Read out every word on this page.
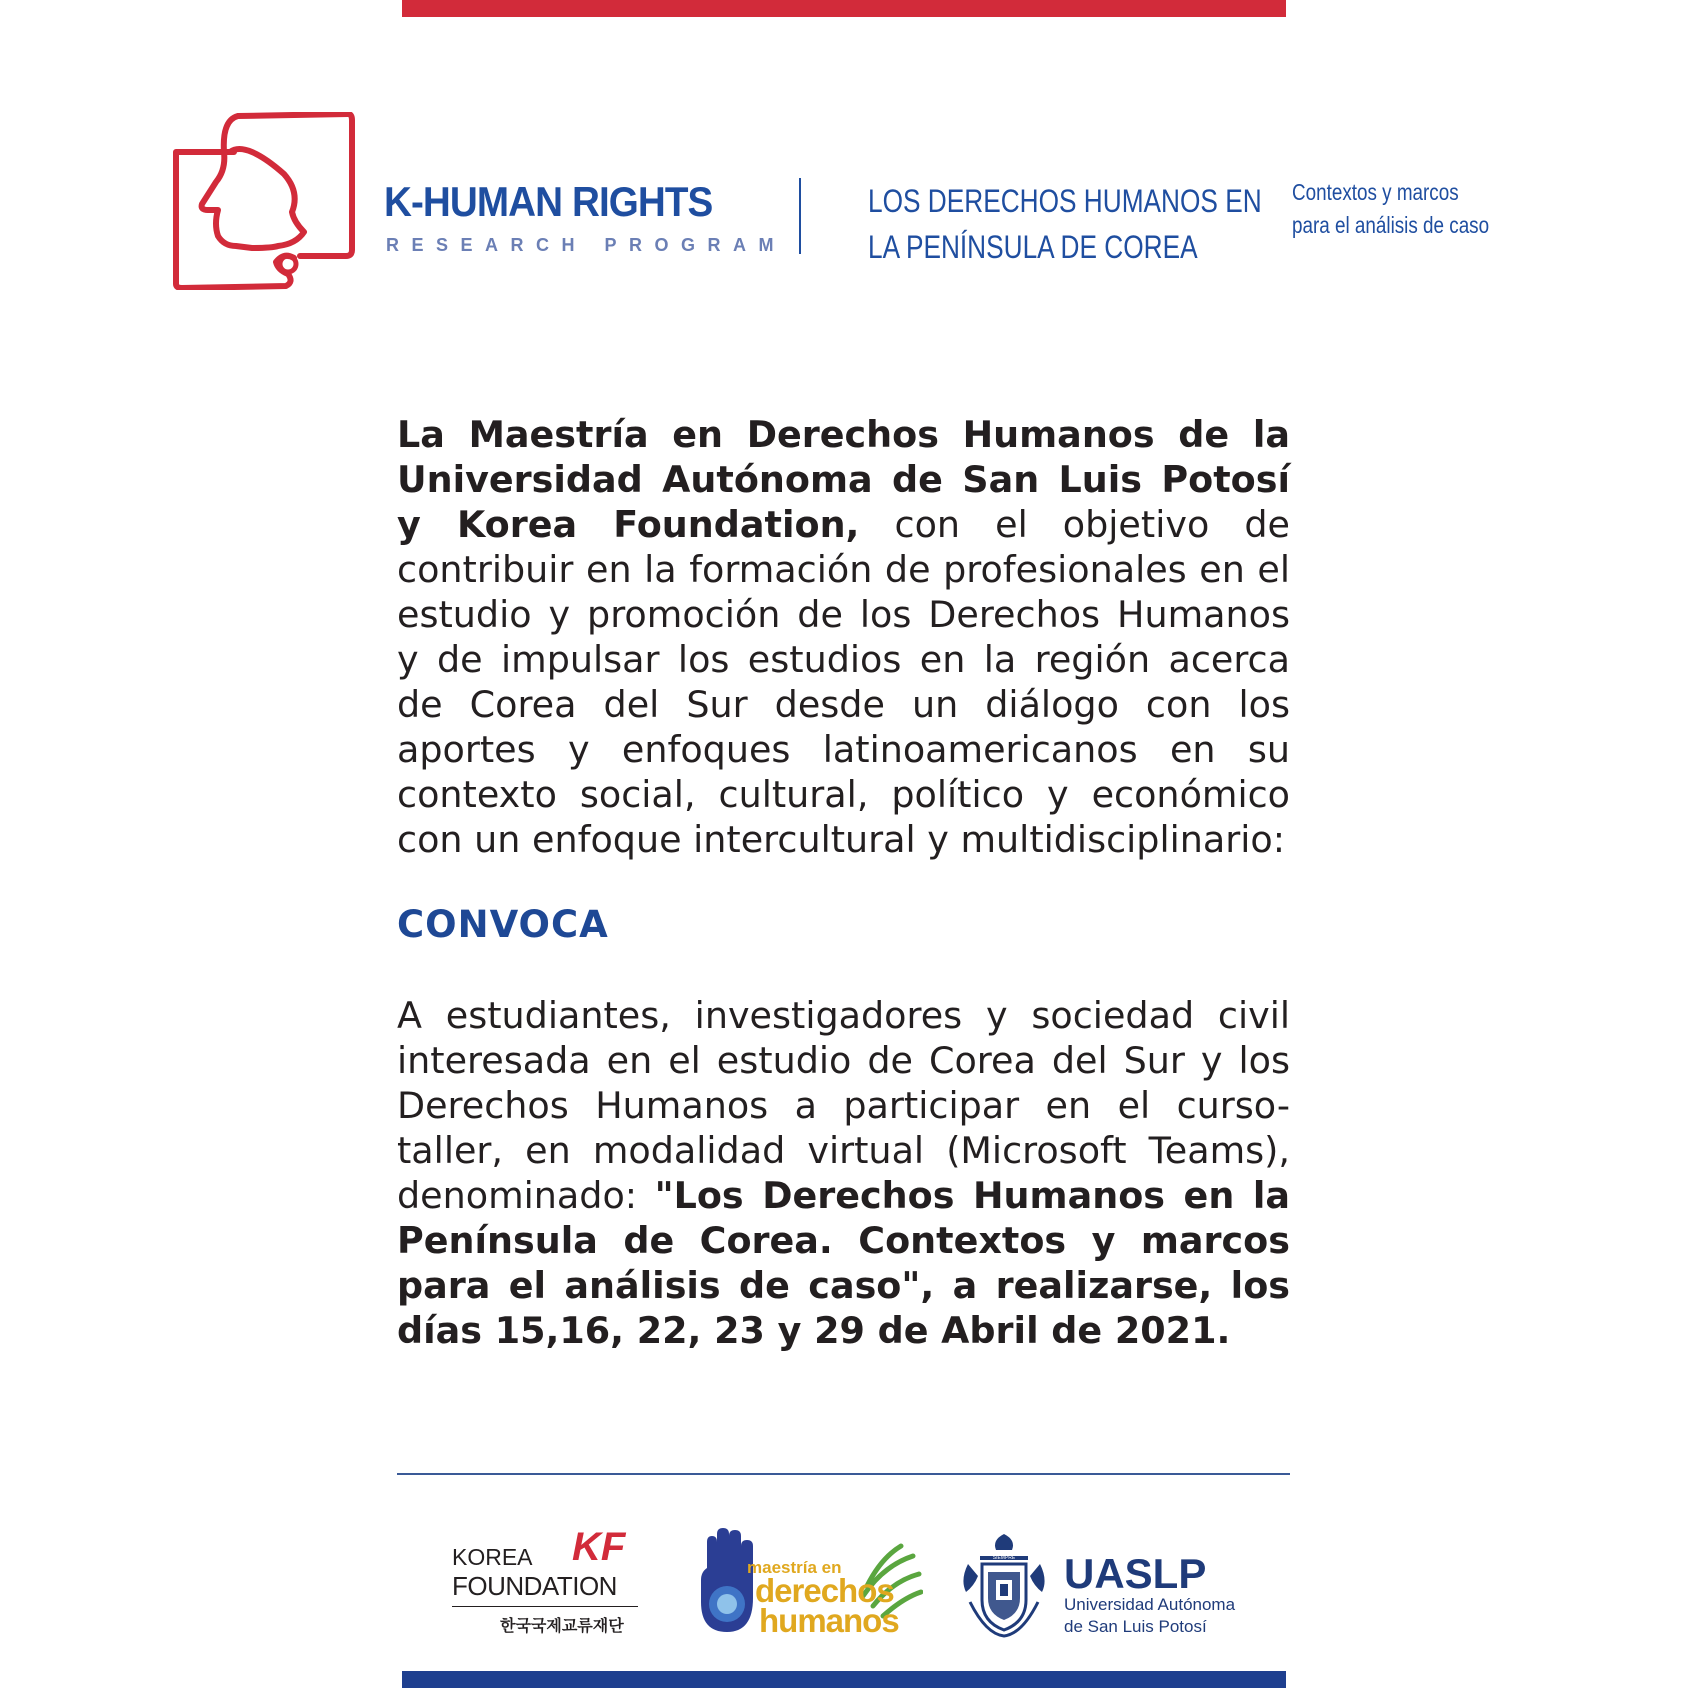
K-HUMAN RIGHTS
RESEARCH PROGRAM
LOS DERECHOS HUMANOS EN
LA PENÍNSULA DE COREA
Contextos y marcos
para el análisis de caso

La Maestría en Derechos Humanos de la Universidad Autónoma de San Luis Potosí y Korea Foundation, con el objetivo de contribuir en la formación de profesionales en el estudio y promoción de los Derechos Humanos y de impulsar los estudios en la región acerca de Corea del Sur desde un diálogo con los aportes y enfoques latinoamericanos en su contexto social, cultural, político y económico con un enfoque intercultural y multidisciplinario:

CONVOCA

A estudiantes, investigadores y sociedad civil interesada en el estudio de Corea del Sur y los Derechos Humanos a participar en el curso-taller, en modalidad virtual (Microsoft Teams), denominado: "Los Derechos Humanos en la Península de Corea. Contextos y marcos para el análisis de caso", a realizarse, los días 15,16, 22, 23 y 29 de Abril de 2021.

KF
KOREA
FOUNDATION
한국국제교류재단
maestría en
derechos
humanos
SIEMPRE UASLP
Universidad Autónoma
de San Luis Potosí
